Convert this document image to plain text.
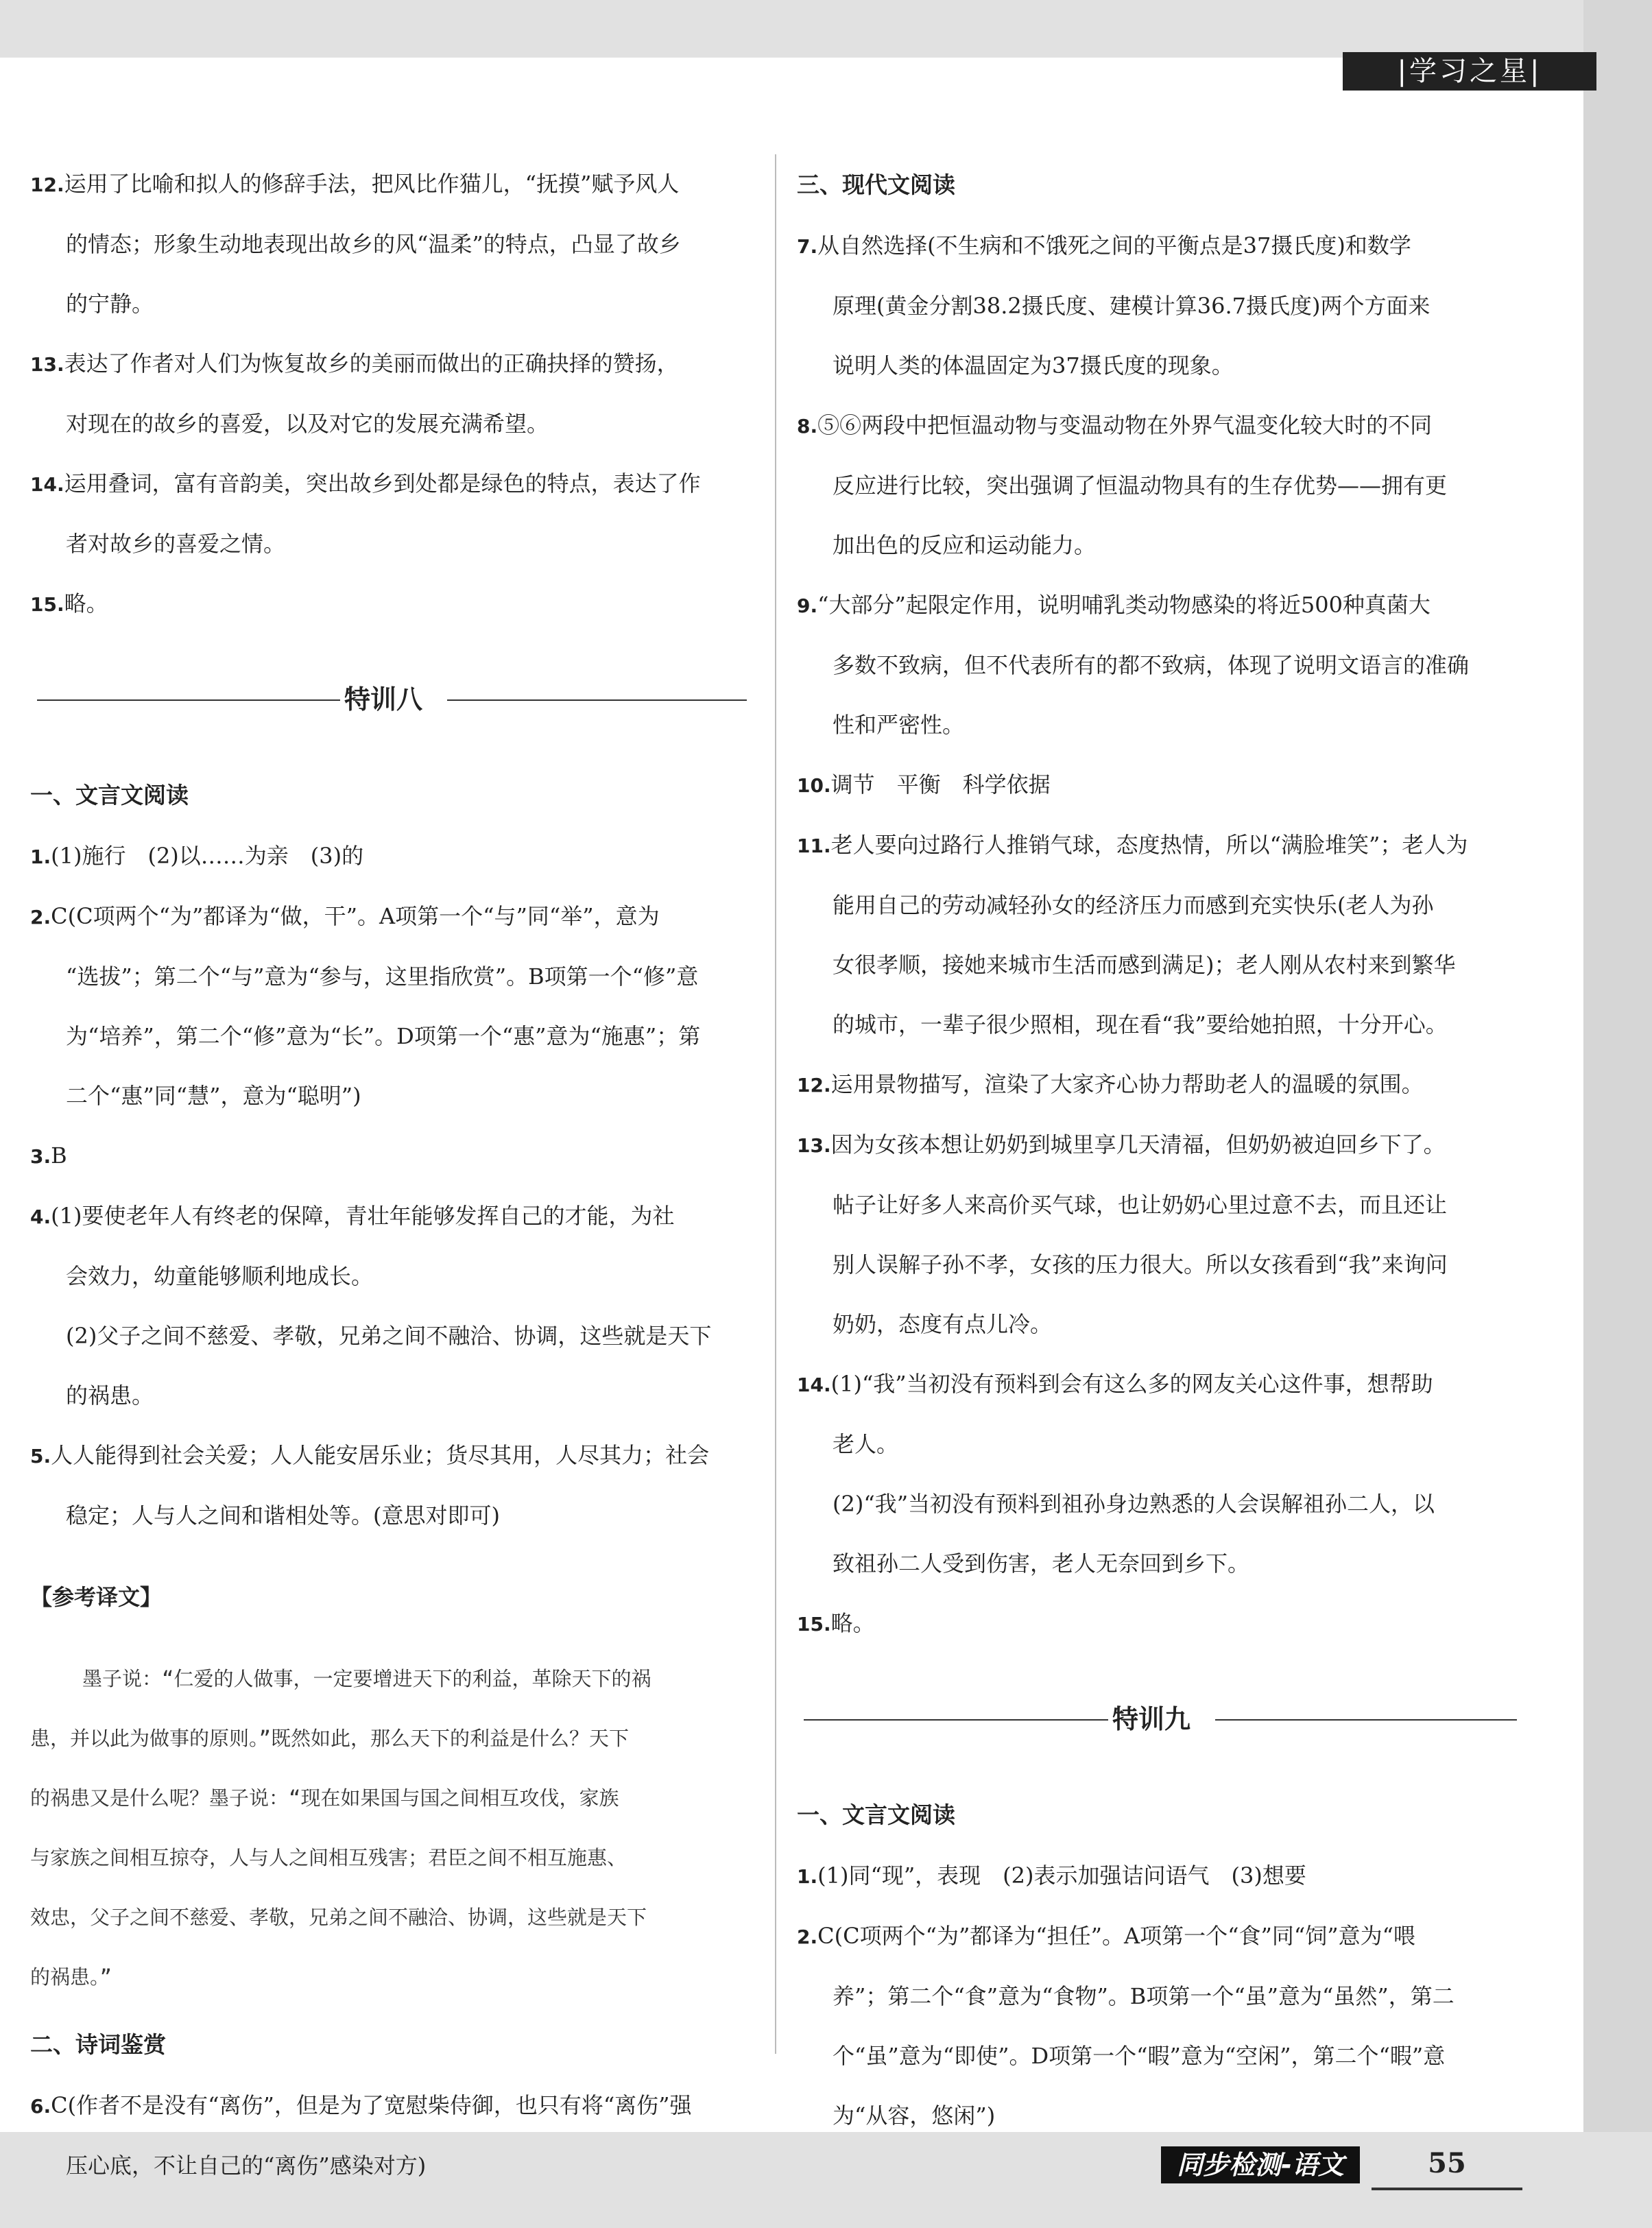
|学习之星|

12.运用了比喻和拟人的修辞手法，把风比作猫儿，“抚摸”赋予风人

的情态；形象生动地表现出故乡的风“温柔”的特点，凸显了故乡

的宁静。

13.表达了作者对人们为恢复故乡的美丽而做出的正确抉择的赞扬，

对现在的故乡的喜爱，以及对它的发展充满希望。

14.运用叠词，富有音韵美，突出故乡到处都是绿色的特点，表达了作

者对故乡的喜爱之情。

15.略。

特训八

一、文言文阅读

1.(1)施行　(2)以……为亲　(3)的

2.C(C项两个“为”都译为“做，干”。A项第一个“与”同“举”，意为

“选拔”；第二个“与”意为“参与，这里指欣赏”。B项第一个“修”意

为“培养”，第二个“修”意为“长”。D项第一个“惠”意为“施惠”；第

二个“惠”同“慧”，意为“聪明”)

3.B

4.(1)要使老年人有终老的保障，青壮年能够发挥自己的才能，为社

会效力，幼童能够顺利地成长。

(2)父子之间不慈爱、孝敬，兄弟之间不融洽、协调，这些就是天下

的祸患。

5.人人能得到社会关爱；人人能安居乐业；货尽其用，人尽其力；社会

稳定；人与人之间和谐相处等。(意思对即可)

【参考译文】

墨子说：“仁爱的人做事，一定要增进天下的利益，革除天下的祸

患，并以此为做事的原则。”既然如此，那么天下的利益是什么？天下

的祸患又是什么呢？墨子说：“现在如果国与国之间相互攻伐，家族

与家族之间相互掠夺，人与人之间相互残害；君臣之间不相互施惠、

效忠，父子之间不慈爱、孝敬，兄弟之间不融洽、协调，这些就是天下

的祸患。”

二、诗词鉴赏

6.C(作者不是没有“离伤”，但是为了宽慰柴侍御，也只有将“离伤”强

压心底，不让自己的“离伤”感染对方)

三、现代文阅读

7.从自然选择(不生病和不饿死之间的平衡点是37摄氏度)和数学

原理(黄金分割38.2摄氏度、建模计算36.7摄氏度)两个方面来

说明人类的体温固定为37摄氏度的现象。

8.⑤⑥两段中把恒温动物与变温动物在外界气温变化较大时的不同

反应进行比较，突出强调了恒温动物具有的生存优势——拥有更

加出色的反应和运动能力。

9.“大部分”起限定作用，说明哺乳类动物感染的将近500种真菌大

多数不致病，但不代表所有的都不致病，体现了说明文语言的准确

性和严密性。

10.调节　平衡　科学依据

11.老人要向过路行人推销气球，态度热情，所以“满脸堆笑”；老人为

能用自己的劳动减轻孙女的经济压力而感到充实快乐(老人为孙

女很孝顺，接她来城市生活而感到满足)；老人刚从农村来到繁华

的城市，一辈子很少照相，现在看“我”要给她拍照，十分开心。

12.运用景物描写，渲染了大家齐心协力帮助老人的温暖的氛围。

13.因为女孩本想让奶奶到城里享几天清福，但奶奶被迫回乡下了。

帖子让好多人来高价买气球，也让奶奶心里过意不去，而且还让

别人误解子孙不孝，女孩的压力很大。所以女孩看到“我”来询问

奶奶，态度有点儿冷。

14.(1)“我”当初没有预料到会有这么多的网友关心这件事，想帮助

老人。

(2)“我”当初没有预料到祖孙身边熟悉的人会误解祖孙二人，以

致祖孙二人受到伤害，老人无奈回到乡下。

15.略。

特训九

一、文言文阅读

1.(1)同“现”，表现　(2)表示加强诘问语气　(3)想要

2.C(C项两个“为”都译为“担任”。A项第一个“食”同“饲”意为“喂

养”；第二个“食”意为“食物”。B项第一个“虽”意为“虽然”，第二

个“虽”意为“即使”。D项第一个“暇”意为“空闲”，第二个“暇”意

为“从容，悠闲”)

同步检测-语文	55
